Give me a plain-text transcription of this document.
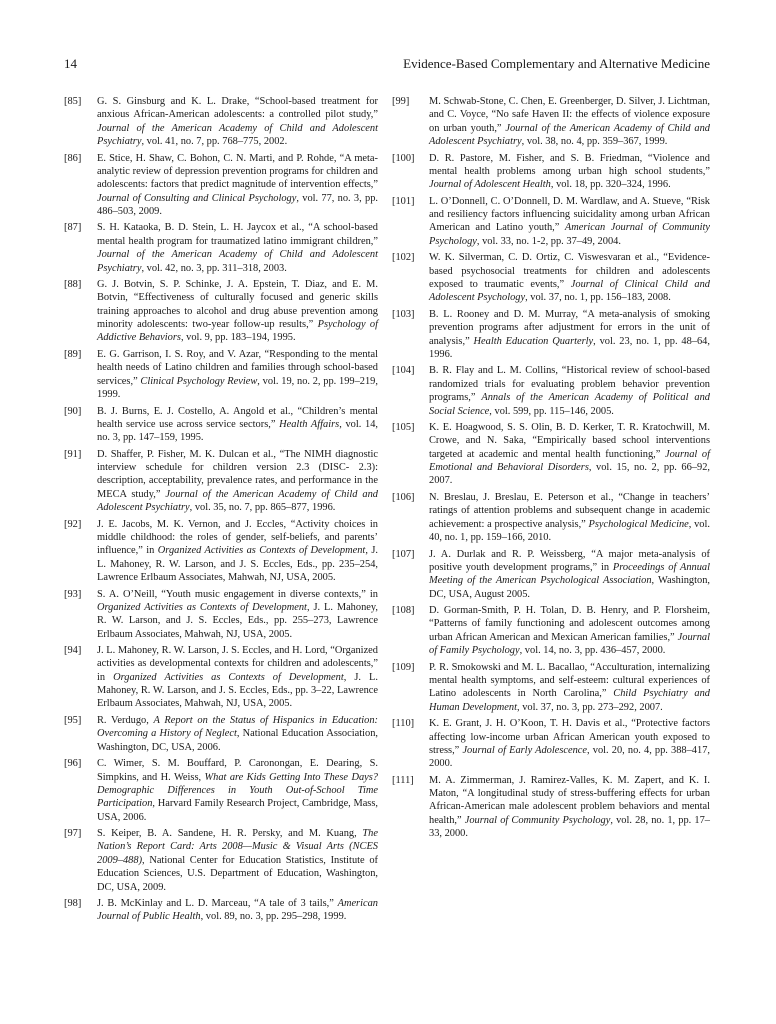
14	Evidence-Based Complementary and Alternative Medicine
[85]	G. S. Ginsburg and K. L. Drake, “School-based treatment for anxious African-American adolescents: a controlled pilot study,” Journal of the American Academy of Child and Adolescent Psychiatry, vol. 41, no. 7, pp. 768–775, 2002.
[86]	E. Stice, H. Shaw, C. Bohon, C. N. Marti, and P. Rohde, “A meta-analytic review of depression prevention programs for children and adolescents: factors that predict magnitude of intervention effects,” Journal of Consulting and Clinical Psychology, vol. 77, no. 3, pp. 486–503, 2009.
[87]	S. H. Kataoka, B. D. Stein, L. H. Jaycox et al., “A school-based mental health program for traumatized latino immigrant children,” Journal of the American Academy of Child and Adolescent Psychiatry, vol. 42, no. 3, pp. 311–318, 2003.
[88]	G. J. Botvin, S. P. Schinke, J. A. Epstein, T. Diaz, and E. M. Botvin, “Effectiveness of culturally focused and generic skills training approaches to alcohol and drug abuse prevention among minority adolescents: two-year follow-up results,” Psychology of Addictive Behaviors, vol. 9, pp. 183–194, 1995.
[89]	E. G. Garrison, I. S. Roy, and V. Azar, “Responding to the mental health needs of Latino children and families through school-based services,” Clinical Psychology Review, vol. 19, no. 2, pp. 199–219, 1999.
[90]	B. J. Burns, E. J. Costello, A. Angold et al., “Children’s mental health service use across service sectors,” Health Affairs, vol. 14, no. 3, pp. 147–159, 1995.
[91]	D. Shaffer, P. Fisher, M. K. Dulcan et al., “The NIMH diagnostic interview schedule for children version 2.3 (DISC- 2.3): description, acceptability, prevalence rates, and performance in the MECA study,” Journal of the American Academy of Child and Adolescent Psychiatry, vol. 35, no. 7, pp. 865–877, 1996.
[92]	J. E. Jacobs, M. K. Vernon, and J. Eccles, “Activity choices in middle childhood: the roles of gender, self-beliefs, and parents’ influence,” in Organized Activities as Contexts of Development, J. L. Mahoney, R. W. Larson, and J. S. Eccles, Eds., pp. 235–254, Lawrence Erlbaum Associates, Mahwah, NJ, USA, 2005.
[93]	S. A. O’Neill, “Youth music engagement in diverse contexts,” in Organized Activities as Contexts of Development, J. L. Mahoney, R. W. Larson, and J. S. Eccles, Eds., pp. 255–273, Lawrence Erlbaum Associates, Mahwah, NJ, USA, 2005.
[94]	J. L. Mahoney, R. W. Larson, J. S. Eccles, and H. Lord, “Organized activities as developmental contexts for children and adolescents,” in Organized Activities as Contexts of Development, J. L. Mahoney, R. W. Larson, and J. S. Eccles, Eds., pp. 3–22, Lawrence Erlbaum Associates, Mahwah, NJ, USA, 2005.
[95]	R. Verdugo, A Report on the Status of Hispanics in Education: Overcoming a History of Neglect, National Education Association, Washington, DC, USA, 2006.
[96]	C. Wimer, S. M. Bouffard, P. Caronongan, E. Dearing, S. Simpkins, and H. Weiss, What are Kids Getting Into These Days? Demographic Differences in Youth Out-of-School Time Participation, Harvard Family Research Project, Cambridge, Mass, USA, 2006.
[97]	S. Keiper, B. A. Sandene, H. R. Persky, and M. Kuang, The Nation’s Report Card: Arts 2008—Music & Visual Arts (NCES 2009–488), National Center for Education Statistics, Institute of Education Sciences, U.S. Department of Education, Washington, DC, USA, 2009.
[98]	J. B. McKinlay and L. D. Marceau, “A tale of 3 tails,” American Journal of Public Health, vol. 89, no. 3, pp. 295–298, 1999.
[99]	M. Schwab-Stone, C. Chen, E. Greenberger, D. Silver, J. Lichtman, and C. Voyce, “No safe Haven II: the effects of violence exposure on urban youth,” Journal of the American Academy of Child and Adolescent Psychiatry, vol. 38, no. 4, pp. 359–367, 1999.
[100]	D. R. Pastore, M. Fisher, and S. B. Friedman, “Violence and mental health problems among urban high school students,” Journal of Adolescent Health, vol. 18, pp. 320–324, 1996.
[101]	L. O’Donnell, C. O’Donnell, D. M. Wardlaw, and A. Stueve, “Risk and resiliency factors influencing suicidality among urban African American and Latino youth,” American Journal of Community Psychology, vol. 33, no. 1-2, pp. 37–49, 2004.
[102]	W. K. Silverman, C. D. Ortiz, C. Viswesvaran et al., “Evidence-based psychosocial treatments for children and adolescents exposed to traumatic events,” Journal of Clinical Child and Adolescent Psychology, vol. 37, no. 1, pp. 156–183, 2008.
[103]	B. L. Rooney and D. M. Murray, “A meta-analysis of smoking prevention programs after adjustment for errors in the unit of analysis,” Health Education Quarterly, vol. 23, no. 1, pp. 48–64, 1996.
[104]	B. R. Flay and L. M. Collins, “Historical review of school-based randomized trials for evaluating problem behavior prevention programs,” Annals of the American Academy of Political and Social Science, vol. 599, pp. 115–146, 2005.
[105]	K. E. Hoagwood, S. S. Olin, B. D. Kerker, T. R. Kratochwill, M. Crowe, and N. Saka, “Empirically based school interventions targeted at academic and mental health functioning,” Journal of Emotional and Behavioral Disorders, vol. 15, no. 2, pp. 66–92, 2007.
[106]	N. Breslau, J. Breslau, E. Peterson et al., “Change in teachers’ ratings of attention problems and subsequent change in academic achievement: a prospective analysis,” Psychological Medicine, vol. 40, no. 1, pp. 159–166, 2010.
[107]	J. A. Durlak and R. P. Weissberg, “A major meta-analysis of positive youth development programs,” in Proceedings of Annual Meeting of the American Psychological Association, Washington, DC, USA, August 2005.
[108]	D. Gorman-Smith, P. H. Tolan, D. B. Henry, and P. Florsheim, “Patterns of family functioning and adolescent outcomes among urban African American and Mexican American families,” Journal of Family Psychology, vol. 14, no. 3, pp. 436–457, 2000.
[109]	P. R. Smokowski and M. L. Bacallao, “Acculturation, internalizing mental health symptoms, and self-esteem: cultural experiences of Latino adolescents in North Carolina,” Child Psychiatry and Human Development, vol. 37, no. 3, pp. 273–292, 2007.
[110]	K. E. Grant, J. H. O’Koon, T. H. Davis et al., “Protective factors affecting low-income urban African American youth exposed to stress,” Journal of Early Adolescence, vol. 20, no. 4, pp. 388–417, 2000.
[111]	M. A. Zimmerman, J. Ramirez-Valles, K. M. Zapert, and K. I. Maton, “A longitudinal study of stress-buffering effects for urban African-American male adolescent problem behaviors and mental health,” Journal of Community Psychology, vol. 28, no. 1, pp. 17–33, 2000.
